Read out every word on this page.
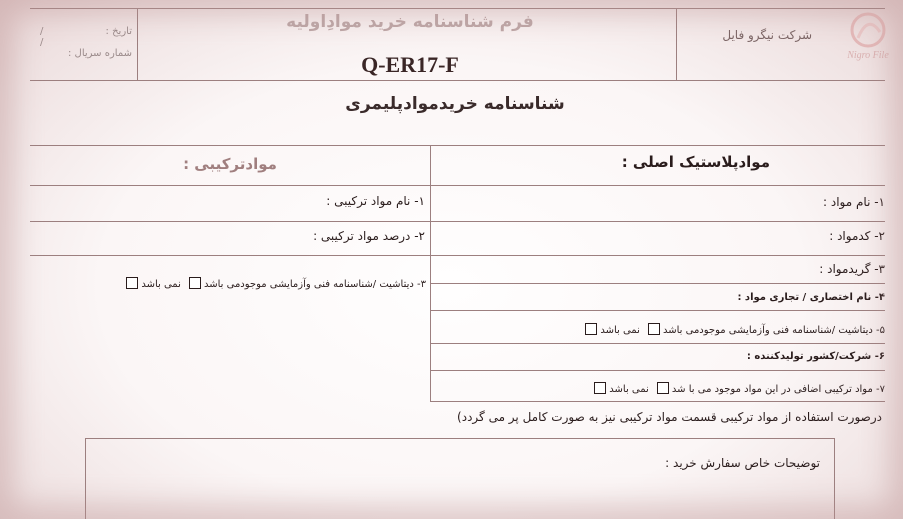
فرم شناسنامه خرید موادِاولیه
Q-ER17-F
شرکت نیگرو فایل
Nigro File
تاریخ :
/ /
شماره سریال :
شناسنامه خریدموادپلیمری
موادترکیبی :
۱- نام مواد ترکیبی :
۲- درصد مواد ترکیبی :
۳- دیتاشیت /شناسنامه فنی وآزمایشی موجودمی باشد نمی باشد
موادپلاستیک اصلی :
۱- نام مواد :
۲- کدمواد :
۳- گریدمواد :
۴- نام اختصاری / تجاری مواد :
۵- دیتاشیت /شناسنامه فنی وآزمایشی موجودمی باشد نمی باشد
۶- شرکت/کشور تولیدکننده :
۷- مواد ترکیبی اضافی در این مواد موجود می با شد نمی باشد
درصورت استفاده از مواد ترکیبی قسمت مواد ترکیبی نیز به صورت کامل پر می گردد)
توضیحات خاص سفارش خرید :
